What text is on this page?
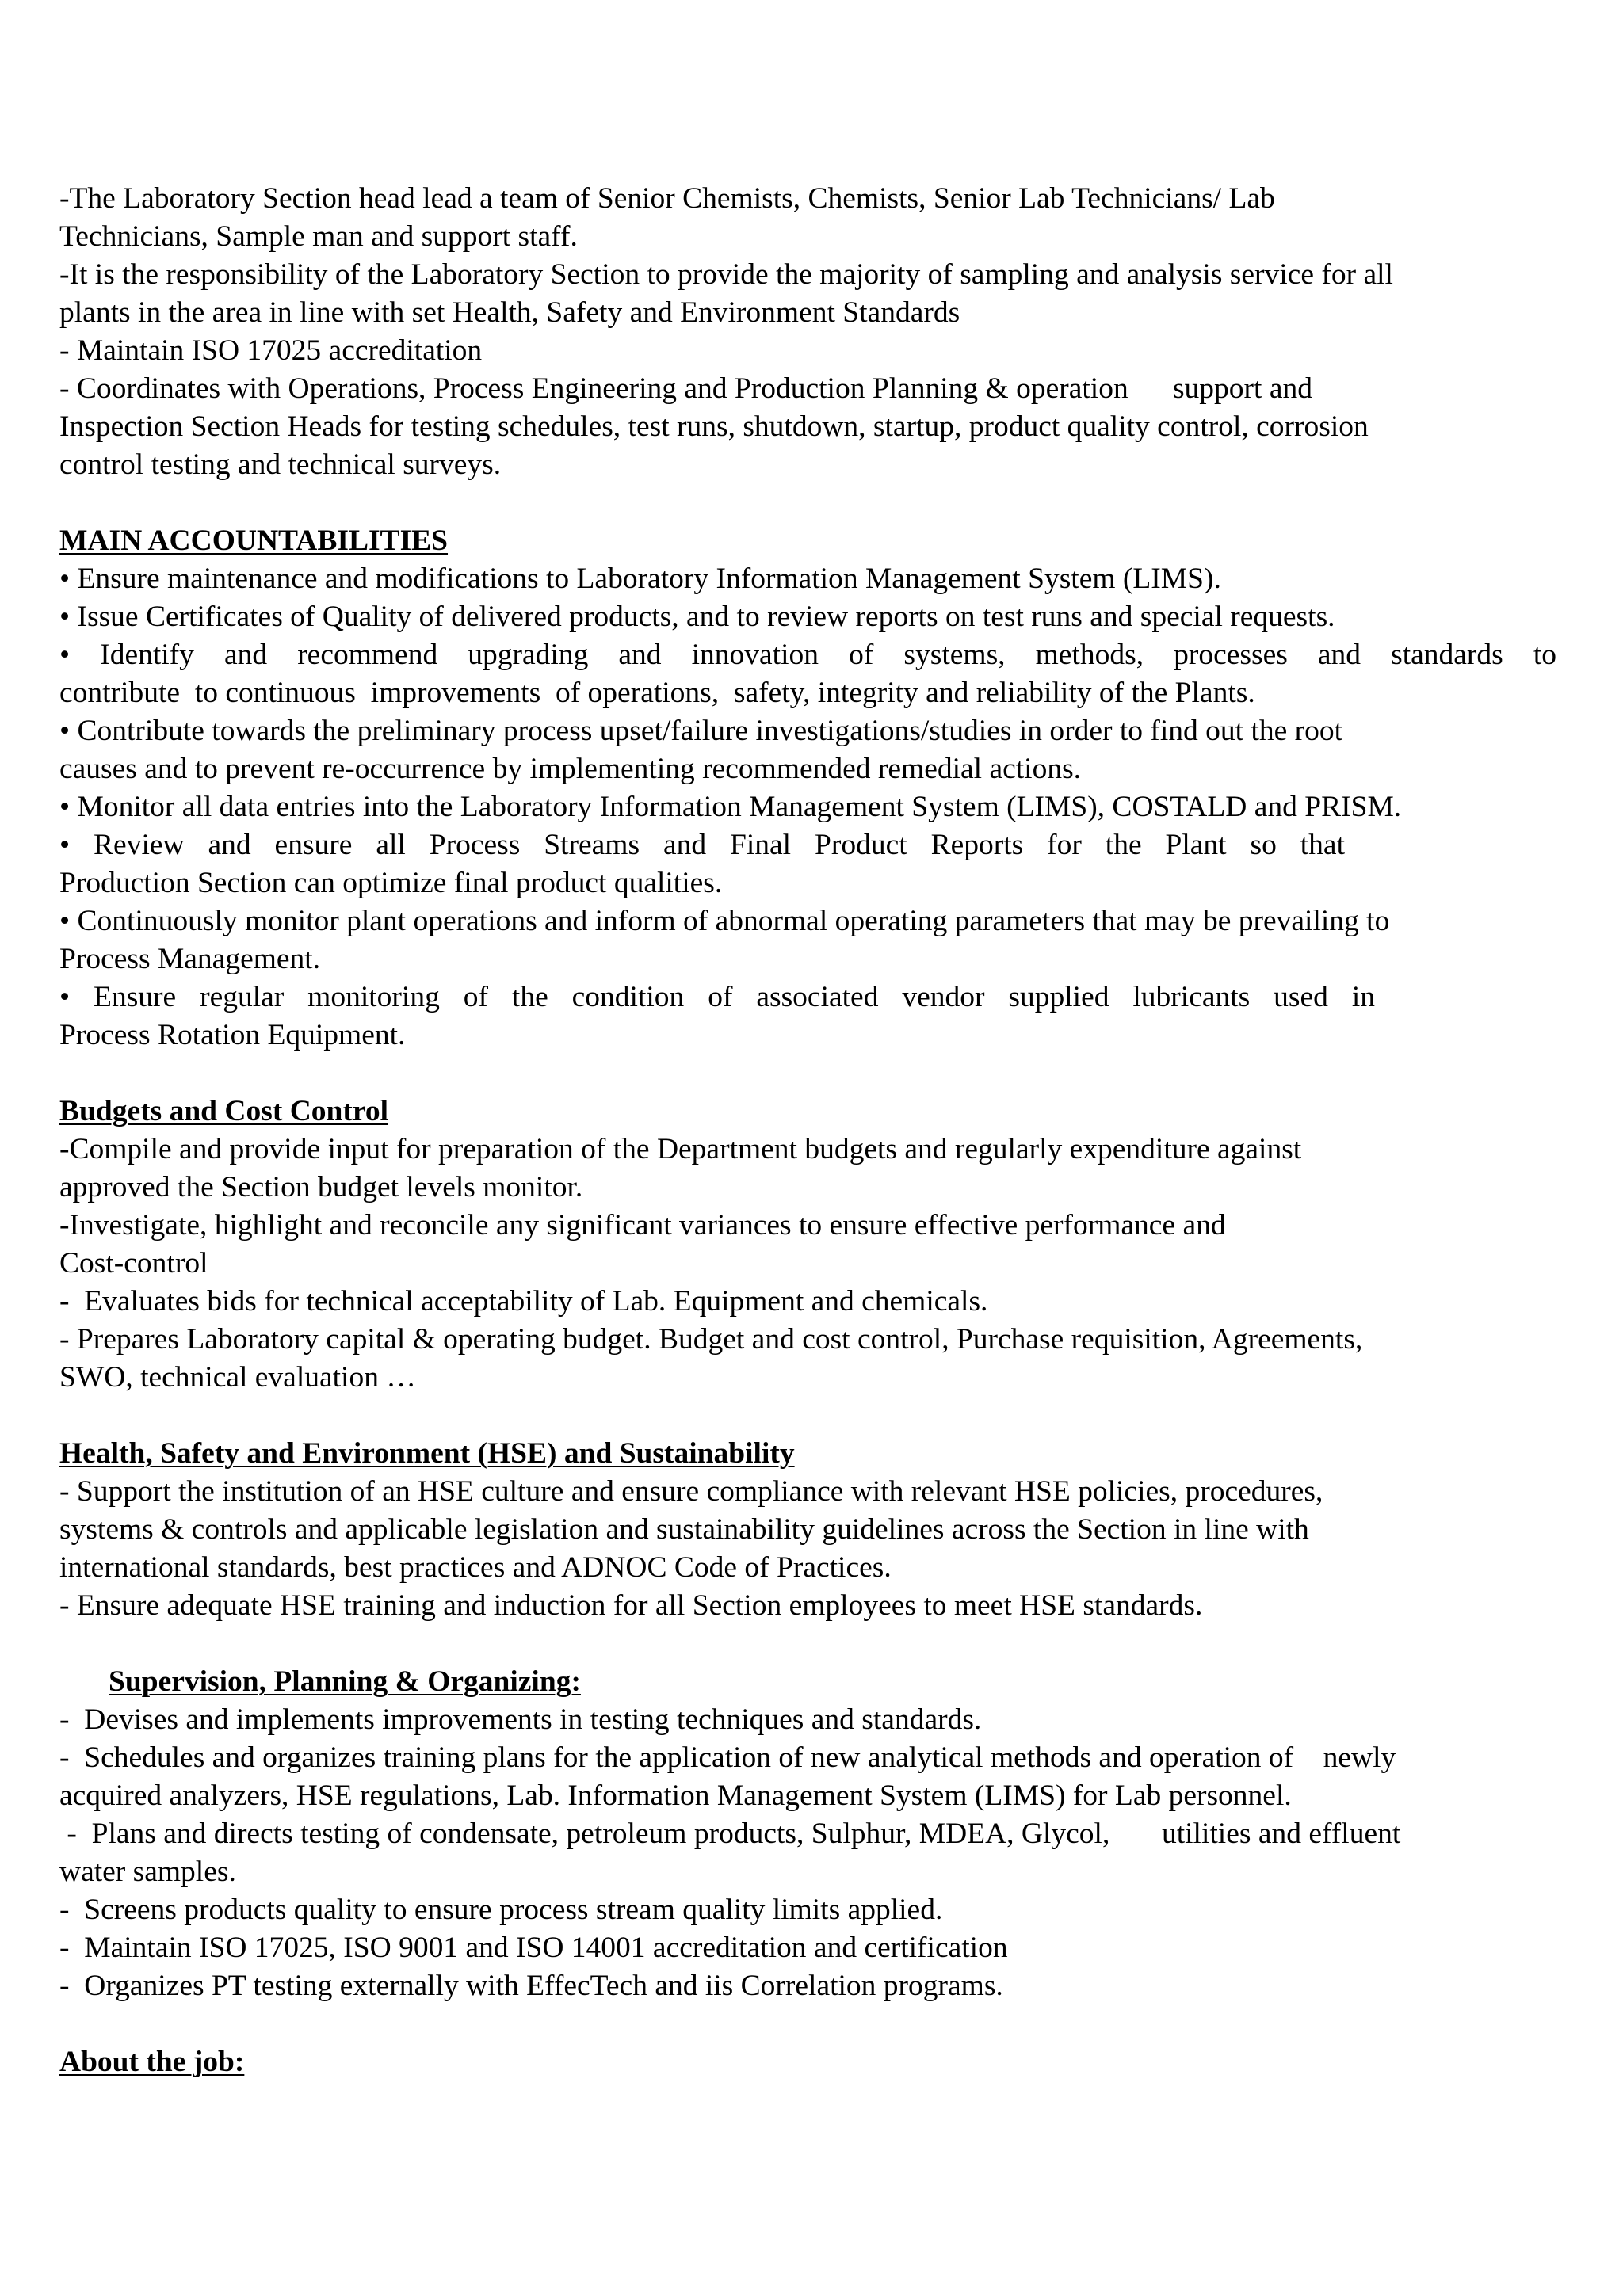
-The Laboratory Section head lead a team of Senior Chemists, Chemists, Senior Lab Technicians/ Lab
Technicians, Sample man and support staff.
-It is the responsibility of the Laboratory Section to provide the majority of sampling and analysis service for all
plants in the area in line with set Health, Safety and Environment Standards
- Maintain ISO 17025 accreditation
- Coordinates with Operations, Process Engineering and Production Planning & operation      support and
Inspection Section Heads for testing schedules, test runs, shutdown, startup, product quality control, corrosion
control testing and technical surveys.
MAIN ACCOUNTABILITIES
• Ensure maintenance and modifications to Laboratory Information Management System (LIMS).
• Issue Certificates of Quality of delivered products, and to review reports on test runs and special requests.
• Identify and recommend upgrading and innovation of systems, methods, processes and standards to
contribute  to continuous  improvements  of operations,  safety, integrity and reliability of the Plants.
• Contribute towards the preliminary process upset/failure investigations/studies in order to find out the root
causes and to prevent re-occurrence by implementing recommended remedial actions.
• Monitor all data entries into the Laboratory Information Management System (LIMS), COSTALD and PRISM.
• Review and ensure all Process Streams and Final Product Reports for the Plant so that
Production Section can optimize final product qualities.
• Continuously monitor plant operations and inform of abnormal operating parameters that may be prevailing to
Process Management.
• Ensure regular monitoring of the condition of associated vendor supplied lubricants used in
Process Rotation Equipment.
Budgets and Cost Control
-Compile and provide input for preparation of the Department budgets and regularly expenditure against
approved the Section budget levels monitor.
-Investigate, highlight and reconcile any significant variances to ensure effective performance and
Cost-control
-  Evaluates bids for technical acceptability of Lab. Equipment and chemicals.
- Prepares Laboratory capital & operating budget. Budget and cost control, Purchase requisition, Agreements,
SWO, technical evaluation …
Health, Safety and Environment (HSE) and Sustainability
- Support the institution of an HSE culture and ensure compliance with relevant HSE policies, procedures,
systems & controls and applicable legislation and sustainability guidelines across the Section in line with
international standards, best practices and ADNOC Code of Practices.
- Ensure adequate HSE training and induction for all Section employees to meet HSE standards.
Supervision, Planning & Organizing:
-  Devises and implements improvements in testing techniques and standards.
-  Schedules and organizes training plans for the application of new analytical methods and operation of    newly
acquired analyzers, HSE regulations, Lab. Information Management System (LIMS) for Lab personnel.
-  Plans and directs testing of condensate, petroleum products, Sulphur, MDEA, Glycol,       utilities and effluent
water samples.
-  Screens products quality to ensure process stream quality limits applied.
-  Maintain ISO 17025, ISO 9001 and ISO 14001 accreditation and certification
-  Organizes PT testing externally with EffecTech and iis Correlation programs.
About the job:
